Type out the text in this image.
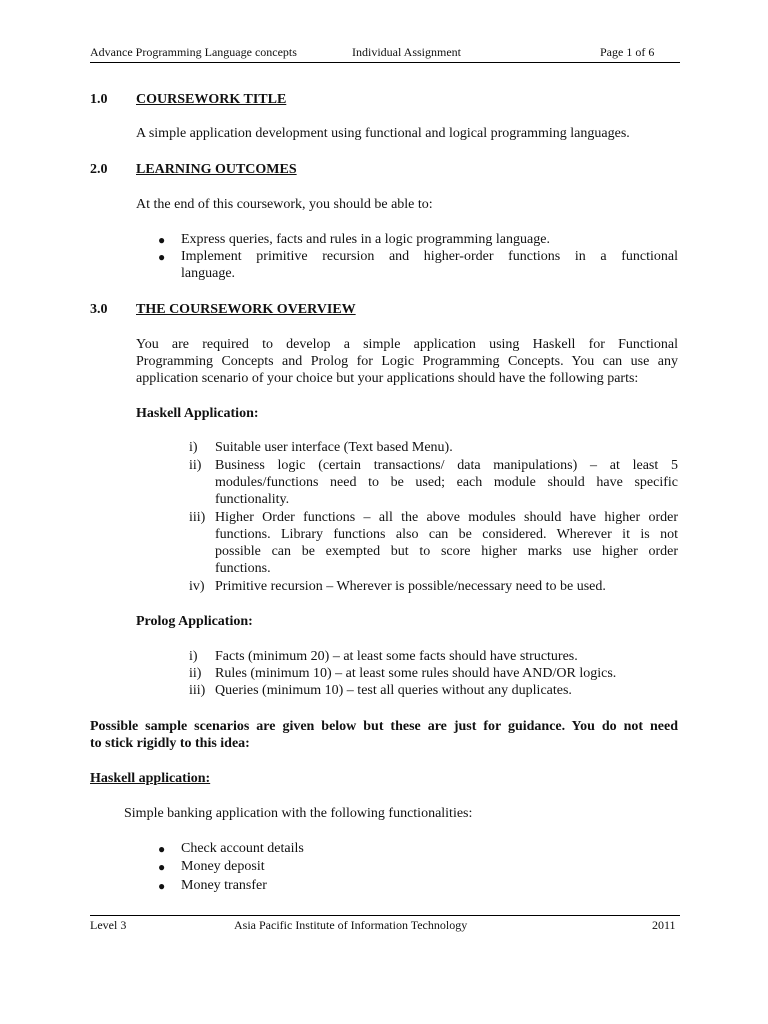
Advance Programming Language concepts	Individual Assignment	Page 1 of 6
1.0 COURSEWORK TITLE
A simple application development using functional and logical programming languages.
2.0 LEARNING OUTCOMES
At the end of this coursework, you should be able to:
● Express queries, facts and rules in a logic programming language.
● Implement primitive recursion and higher-order functions in a functional
language.
3.0 THE COURSEWORK OVERVIEW
You are required to develop a simple application using Haskell for Functional
Programming Concepts and Prolog for Logic Programming Concepts. You can use any
application scenario of your choice but your applications should have the following parts:
Haskell Application:
i) Suitable user interface (Text based Menu).
ii) Business logic (certain transactions/ data manipulations) – at least 5
modules/functions need to be used; each module should have specific
functionality.
iii) Higher Order functions – all the above modules should have higher order
functions. Library functions also can be considered. Wherever it is not
possible can be exempted but to score higher marks use higher order
functions.
iv) Primitive recursion – Wherever is possible/necessary need to be used.
Prolog Application:
i) Facts (minimum 20) – at least some facts should have structures.
ii) Rules (minimum 10) – at least some rules should have AND/OR logics.
iii) Queries (minimum 10) – test all queries without any duplicates.
Possible sample scenarios are given below but these are just for guidance. You do not need
to stick rigidly to this idea:
Haskell application:
Simple banking application with the following functionalities:
● Check account details
● Money deposit
● Money transfer
Level 3	Asia Pacific Institute of Information Technology	2011
